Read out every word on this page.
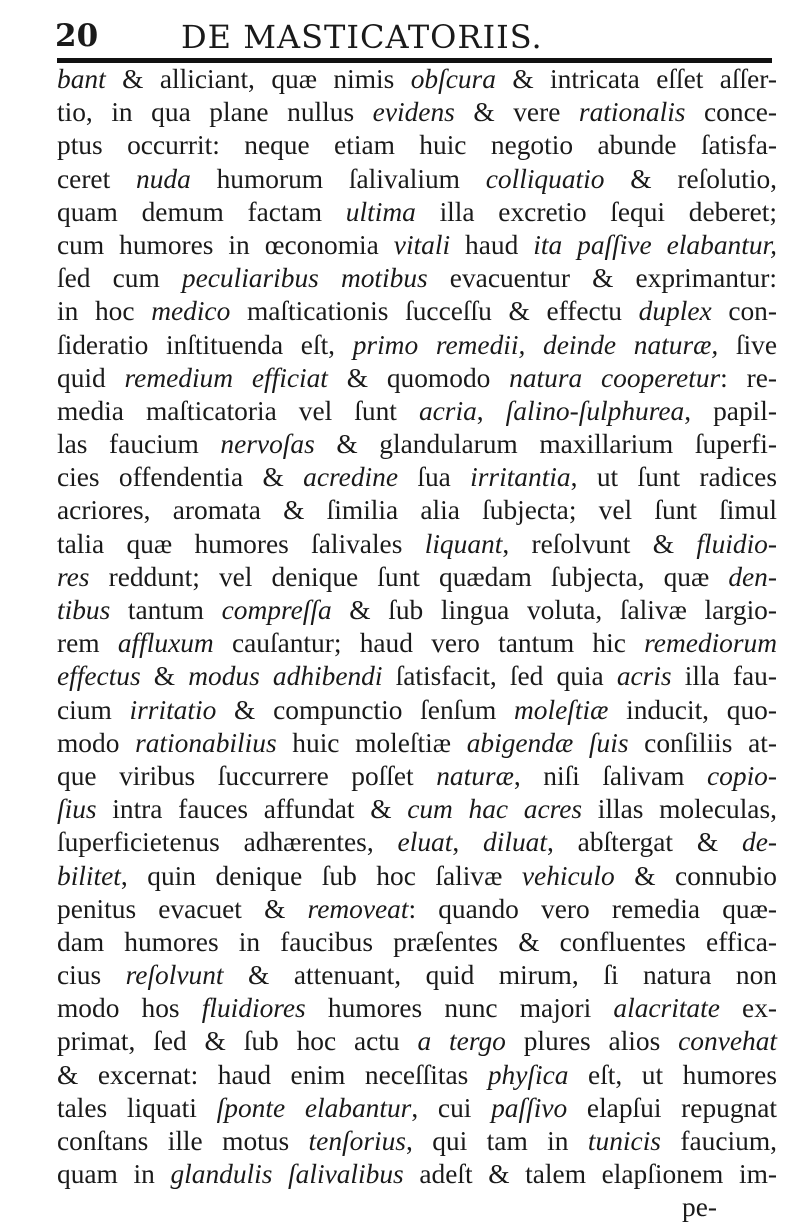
20	DE MASTICATORIIS.
bant & alliciant, quæ nimis obſcura & intricata eſſet aſſer-
tio, in qua plane nullus evidens & vere rationalis conce-
ptus occurrit: neque etiam huic negotio abunde ſatisfa-
ceret nuda humorum ſalivalium colliquatio & reſolutio,
quam demum factam ultima illa excretio ſequi deberet;
cum humores in œconomia vitali haud ita paſſive elabantur,
ſed cum peculiaribus motibus evacuentur & exprimantur:
in hoc medico maſticationis ſucceſſu & effectu duplex con-
ſideratio inſtituenda eſt, primo remedii, deinde naturæ, ſive
quid remedium efficiat & quomodo natura cooperetur: re-
media maſticatoria vel ſunt acria, ſalino-ſulphurea, papil-
las faucium nervoſas & glandularum maxillarium ſuperfi-
cies offendentia & acredine ſua irritantia, ut ſunt radices
acriores, aromata & ſimilia alia ſubjecta; vel ſunt ſimul
talia quæ humores ſalivales liquant, reſolvunt & fluidio-
res reddunt; vel denique ſunt quædam ſubjecta, quæ den-
tibus tantum compreſſa & ſub lingua voluta, ſalivæ largio-
rem affluxum cauſantur; haud vero tantum hic remediorum
effectus & modus adhibendi ſatisfacit, ſed quia acris illa fau-
cium irritatio & compunctio ſenſum moleſtiæ inducit, quo-
modo rationabilius huic moleſtiæ abigendæ ſuis conſiliis at-
que viribus ſuccurrere poſſet naturæ, niſi ſalivam copio-
ſius intra fauces affundat & cum hac acres illas moleculas,
ſuperficietenus adhærentes, eluat, diluat, abſtergat & de-
bilitet, quin denique ſub hoc ſalivæ vehiculo & connubio
penitus evacuet & removeat: quando vero remedia quæ-
dam humores in faucibus præſentes & confluentes effica-
cius reſolvunt & attenuant, quid mirum, ſi natura non
modo hos fluidiores humores nunc majori alacritate ex-
primat, ſed & ſub hoc actu a tergo plures alios convehat
& excernat: haud enim neceſſitas phyſica eſt, ut humores
tales liquati ſponte elabantur, cui paſſivo elapſui repugnat
conſtans ille motus tenſorius, qui tam in tunicis faucium,
quam in glandulis ſalivalibus adeſt & talem elapſionem im-
pe-
